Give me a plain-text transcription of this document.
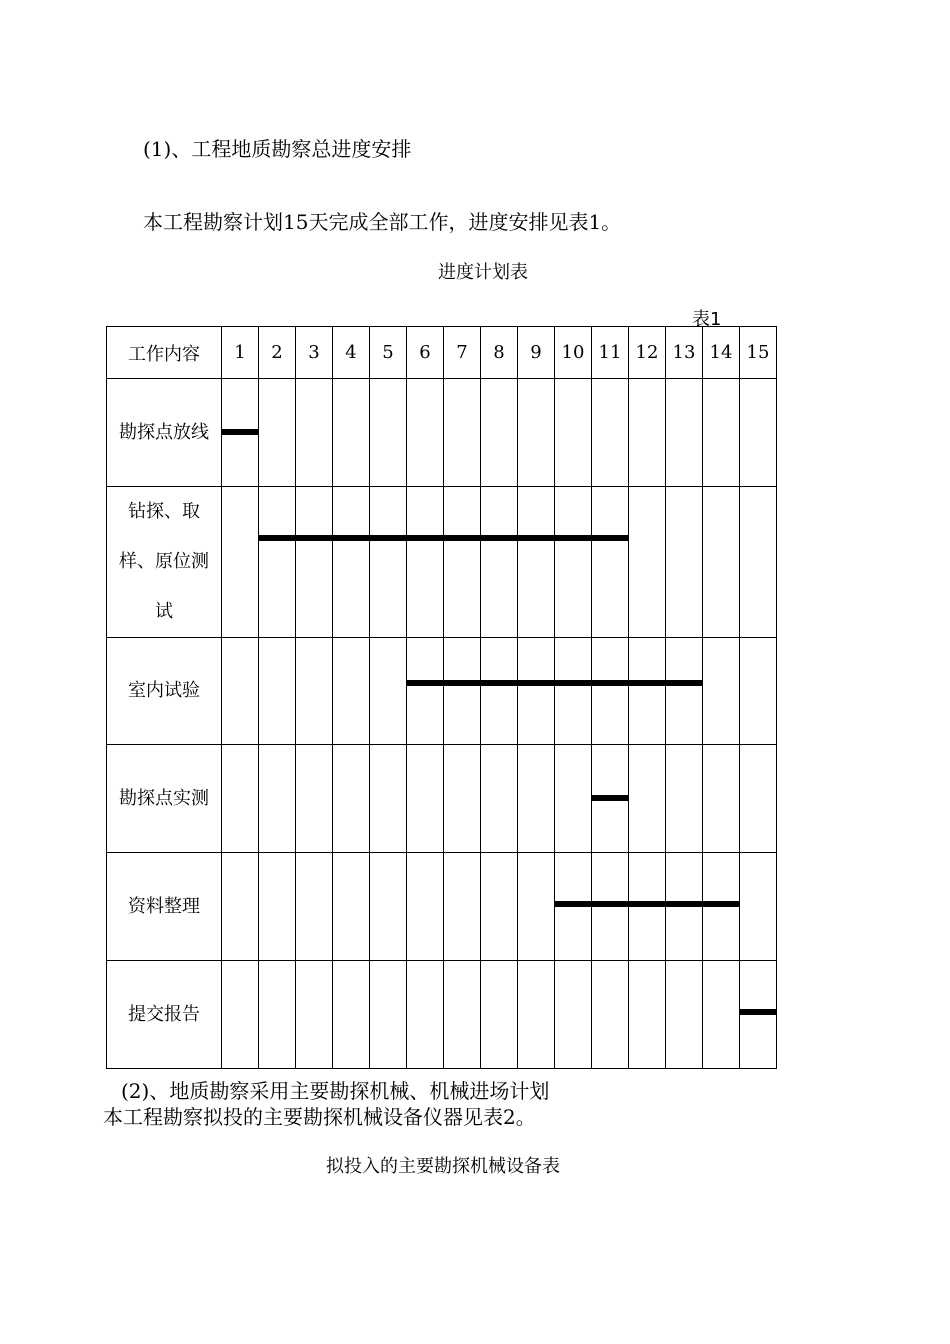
(1)、工程地质勘察总进度安排
本工程勘察计划15天完成全部工作，进度安排见表1。
进度计划表
表1
工作内容	1	2	3	4	5	6	7	8	9	10	11	12	13	14	15
勘探点放线	

钻探、取样、原位测试		

室内试验						

勘探点实测											

资料整理										

提交报告															
(2)、地质勘察采用主要勘探机械、机械进场计划
本工程勘察拟投的主要勘探机械设备仪器见表2。
拟投入的主要勘探机械设备表
